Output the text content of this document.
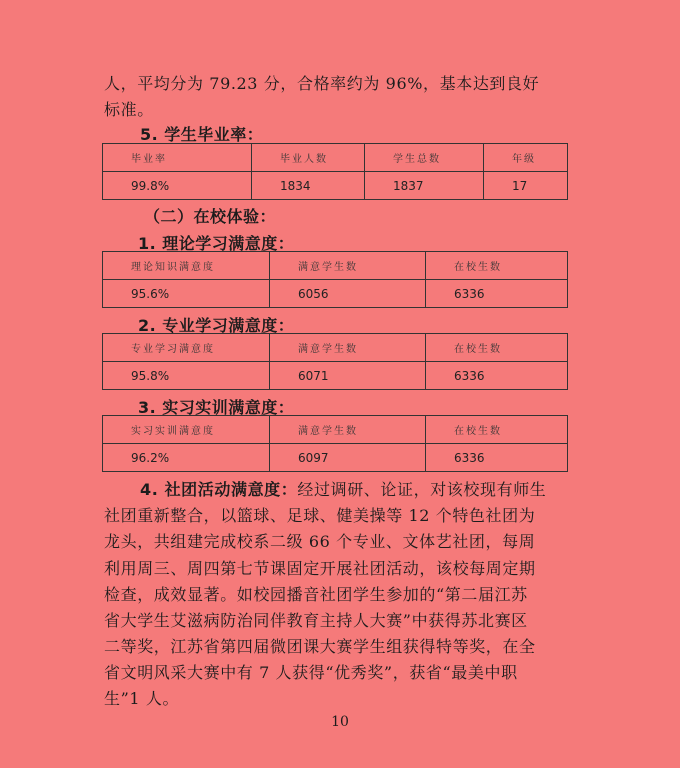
人，平均分为 79.23 分，合格率约为 96%，基本达到良好

标准。

5. 学生毕业率：

毕业率	毕业人数	学生总数	年级
99.8%	1834	1837	17

（二）在校体验：

1. 理论学习满意度：

理论知识满意度	满意学生数	在校生数
95.6%	6056	6336

2. 专业学习满意度：

专业学习满意度	满意学生数	在校生数
95.8%	6071	6336

3. 实习实训满意度：

实习实训满意度	满意学生数	在校生数
96.2%	6097	6336

4. 社团活动满意度：经过调研、论证，对该校现有师生

社团重新整合，以篮球、足球、健美操等 12 个特色社团为

龙头，共组建完成校系二级 66 个专业、文体艺社团，每周

利用周三、周四第七节课固定开展社团活动，该校每周定期

检查，成效显著。如校园播音社团学生参加的“第二届江苏

省大学生艾滋病防治同伴教育主持人大赛”中获得苏北赛区

二等奖，江苏省第四届微团课大赛学生组获得特等奖，在全

省文明风采大赛中有 7 人获得“优秀奖”，获省“最美中职

生”1 人。

10
